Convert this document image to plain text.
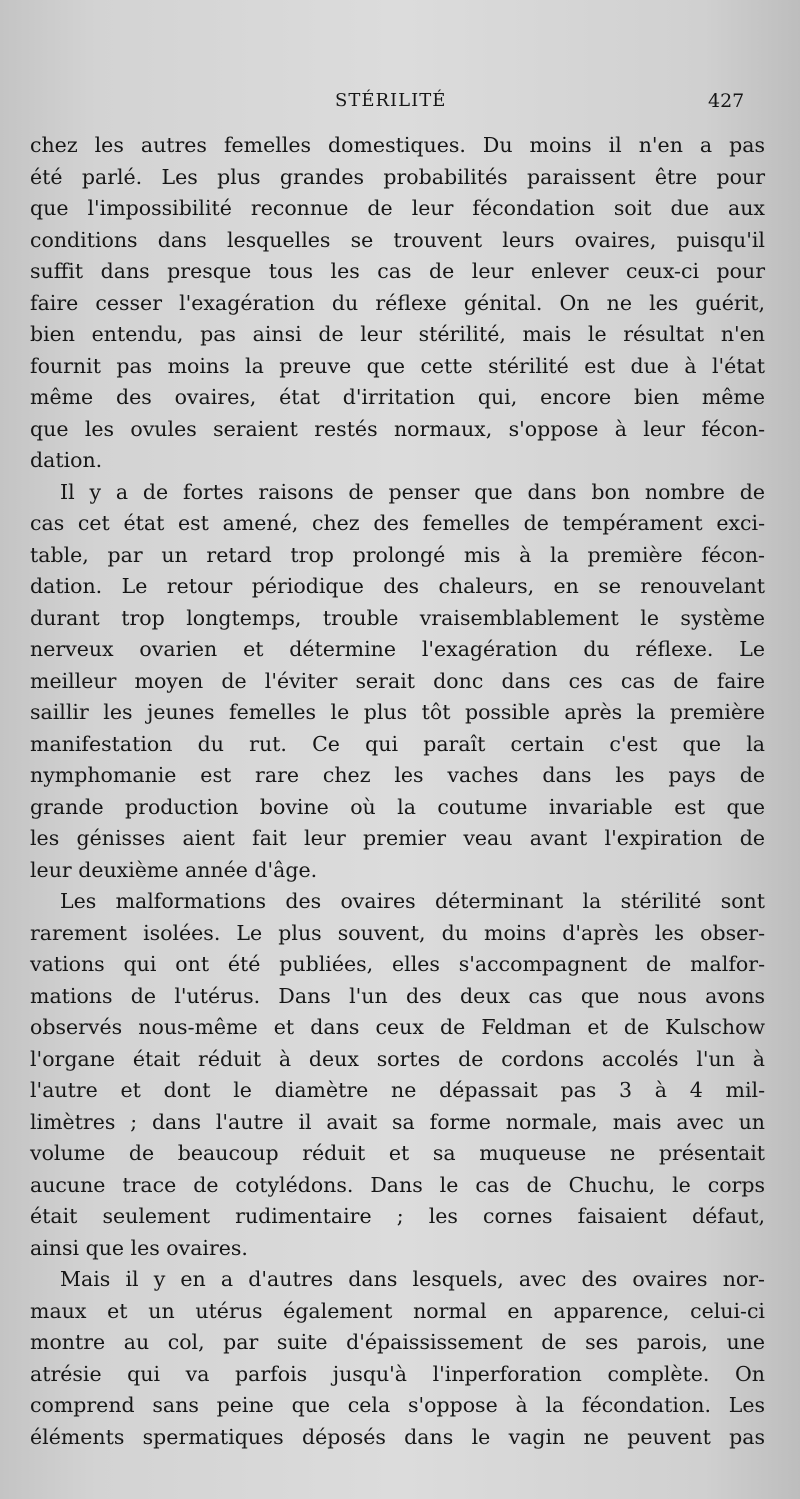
STÉRILITÉ	427
chez les autres femelles domestiques. Du moins il n'en a pas
été parlé. Les plus grandes probabilités paraissent être pour
que l'impossibilité reconnue de leur fécondation soit due aux
conditions dans lesquelles se trouvent leurs ovaires, puisqu'il
suffit dans presque tous les cas de leur enlever ceux-ci pour
faire cesser l'exagération du réflexe génital. On ne les guérit,
bien entendu, pas ainsi de leur stérilité, mais le résultat n'en
fournit pas moins la preuve que cette stérilité est due à l'état
même des ovaires, état d'irritation qui, encore bien même
que les ovules seraient restés normaux, s'oppose à leur fécon-
dation.
Il y a de fortes raisons de penser que dans bon nombre de
cas cet état est amené, chez des femelles de tempérament exci-
table, par un retard trop prolongé mis à la première fécon-
dation. Le retour périodique des chaleurs, en se renouvelant
durant trop longtemps, trouble vraisemblablement le système
nerveux ovarien et détermine l'exagération du réflexe. Le
meilleur moyen de l'éviter serait donc dans ces cas de faire
saillir les jeunes femelles le plus tôt possible après la première
manifestation du rut. Ce qui paraît certain c'est que la
nymphomanie est rare chez les vaches dans les pays de
grande production bovine où la coutume invariable est que
les génisses aient fait leur premier veau avant l'expiration de
leur deuxième année d'âge.
Les malformations des ovaires déterminant la stérilité sont
rarement isolées. Le plus souvent, du moins d'après les obser-
vations qui ont été publiées, elles s'accompagnent de malfor-
mations de l'utérus. Dans l'un des deux cas que nous avons
observés nous-même et dans ceux de Feldman et de Kulschow
l'organe était réduit à deux sortes de cordons accolés l'un à
l'autre et dont le diamètre ne dépassait pas 3 à 4 mil-
limètres ; dans l'autre il avait sa forme normale, mais avec un
volume de beaucoup réduit et sa muqueuse ne présentait
aucune trace de cotylédons. Dans le cas de Chuchu, le corps
était seulement rudimentaire ; les cornes faisaient défaut,
ainsi que les ovaires.
Mais il y en a d'autres dans lesquels, avec des ovaires nor-
maux et un utérus également normal en apparence, celui-ci
montre au col, par suite d'épaississement de ses parois, une
atrésie qui va parfois jusqu'à l'inperforation complète. On
comprend sans peine que cela s'oppose à la fécondation. Les
éléments spermatiques déposés dans le vagin ne peuvent pas
